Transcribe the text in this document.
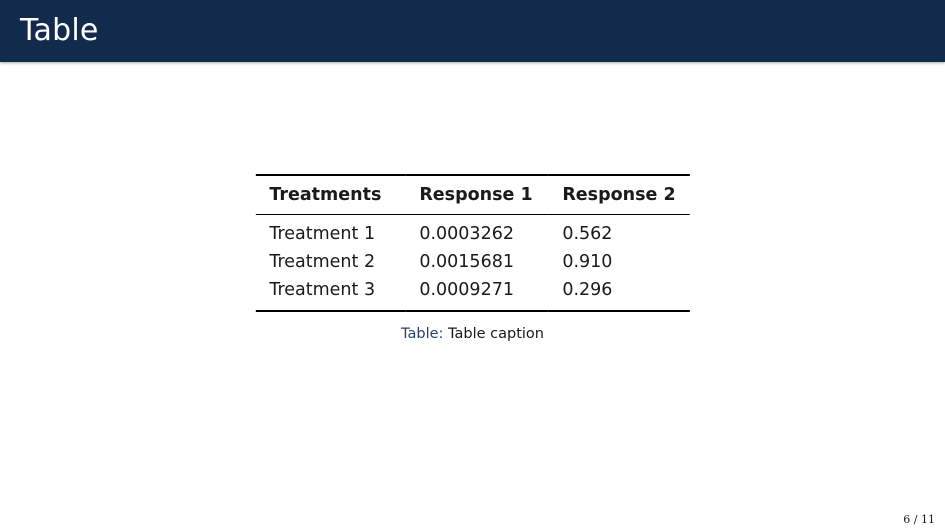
Table
Treatments	Response 1	Response 2
Treatment 1	0.0003262	0.562
Treatment 2	0.0015681	0.910
Treatment 3	0.0009271	0.296
Table: Table caption
6 / 11
